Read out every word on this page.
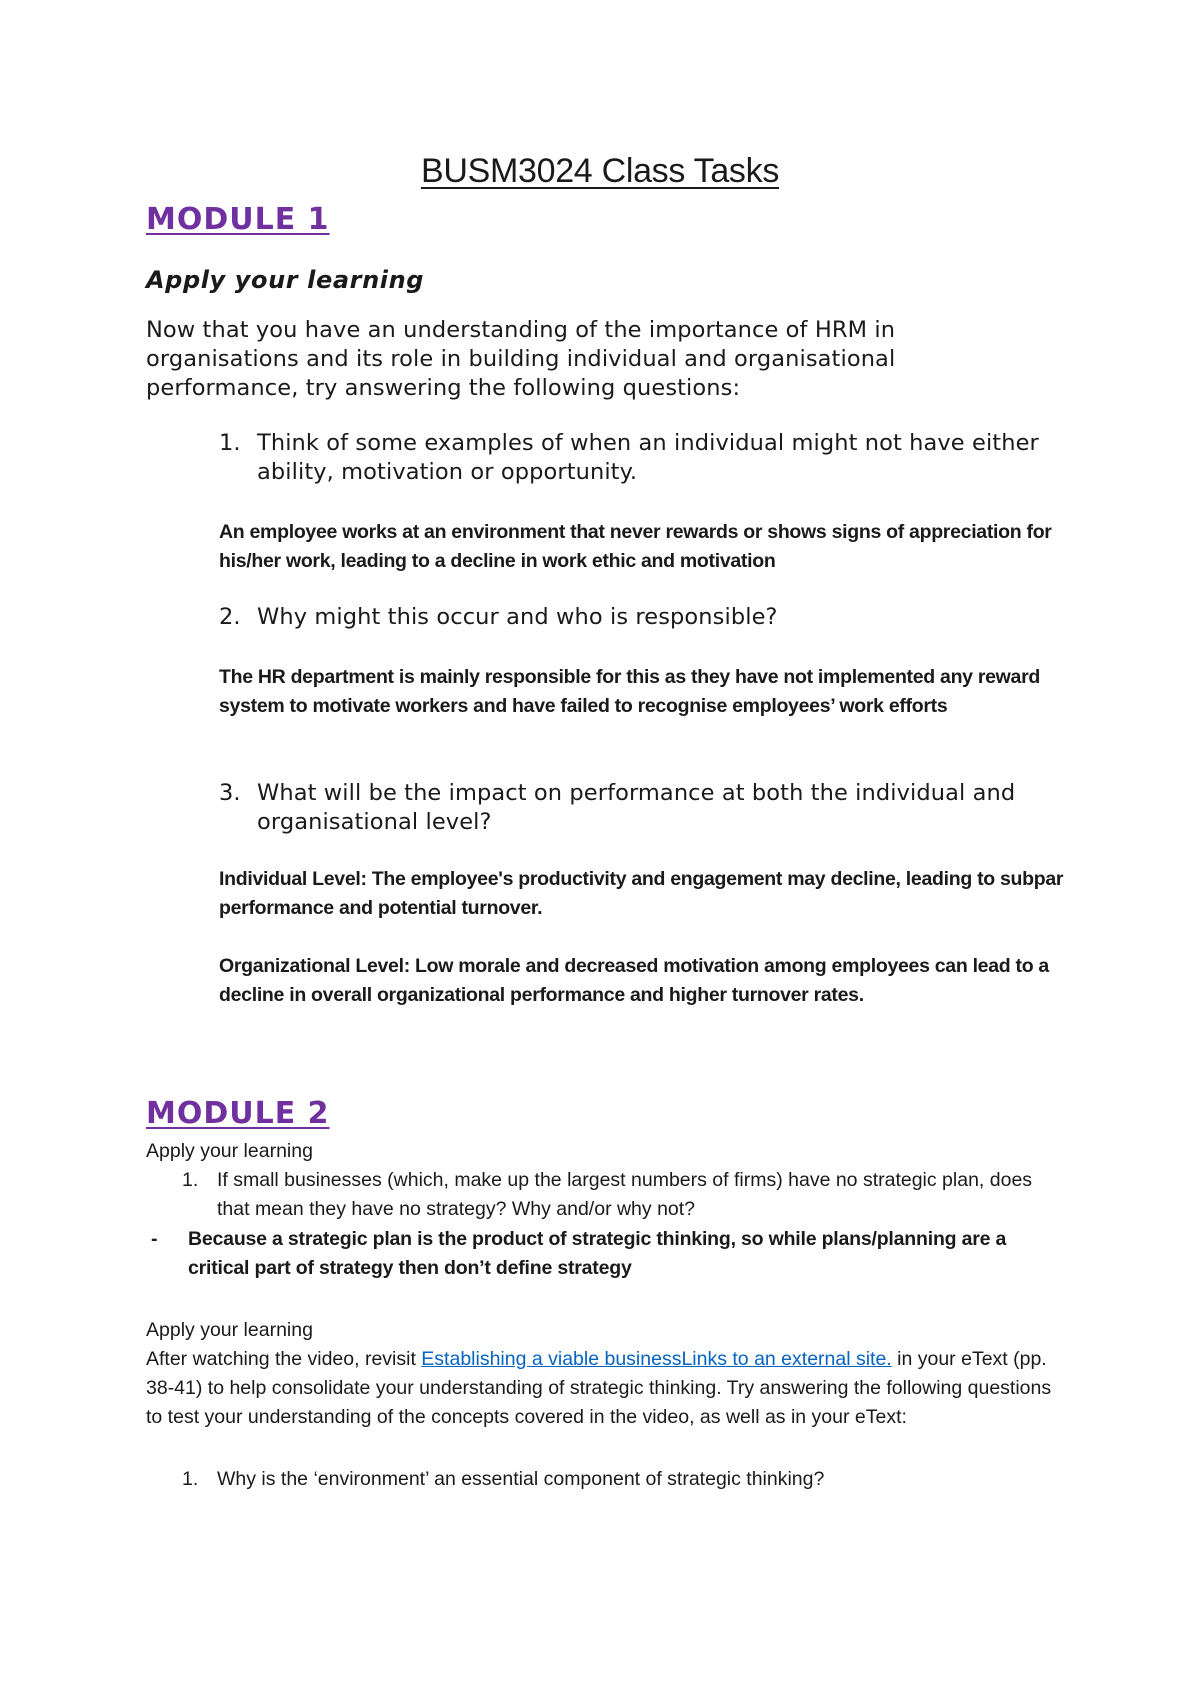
BUSM3024 Class Tasks
MODULE 1
Apply your learning
Now that you have an understanding of the importance of HRM in organisations and its role in building individual and organisational performance, try answering the following questions:
1. Think of some examples of when an individual might not have either ability, motivation or opportunity.
An employee works at an environment that never rewards or shows signs of appreciation for his/her work, leading to a decline in work ethic and motivation
2. Why might this occur and who is responsible?
The HR department is mainly responsible for this as they have not implemented any reward system to motivate workers and have failed to recognise employees’ work efforts
3. What will be the impact on performance at both the individual and organisational level?
Individual Level: The employee's productivity and engagement may decline, leading to subpar performance and potential turnover.
Organizational Level: Low morale and decreased motivation among employees can lead to a decline in overall organizational performance and higher turnover rates.
MODULE 2
Apply your learning
1. If small businesses (which, make up the largest numbers of firms) have no strategic plan, does that mean they have no strategy? Why and/or why not?
-	Because a strategic plan is the product of strategic thinking, so while plans/planning are a critical part of strategy then don’t define strategy
Apply your learning
After watching the video, revisit Establishing a viable businessLinks to an external site. in your eText (pp. 38-41) to help consolidate your understanding of strategic thinking. Try answering the following questions to test your understanding of the concepts covered in the video, as well as in your eText:
1. Why is the ‘environment’ an essential component of strategic thinking?
